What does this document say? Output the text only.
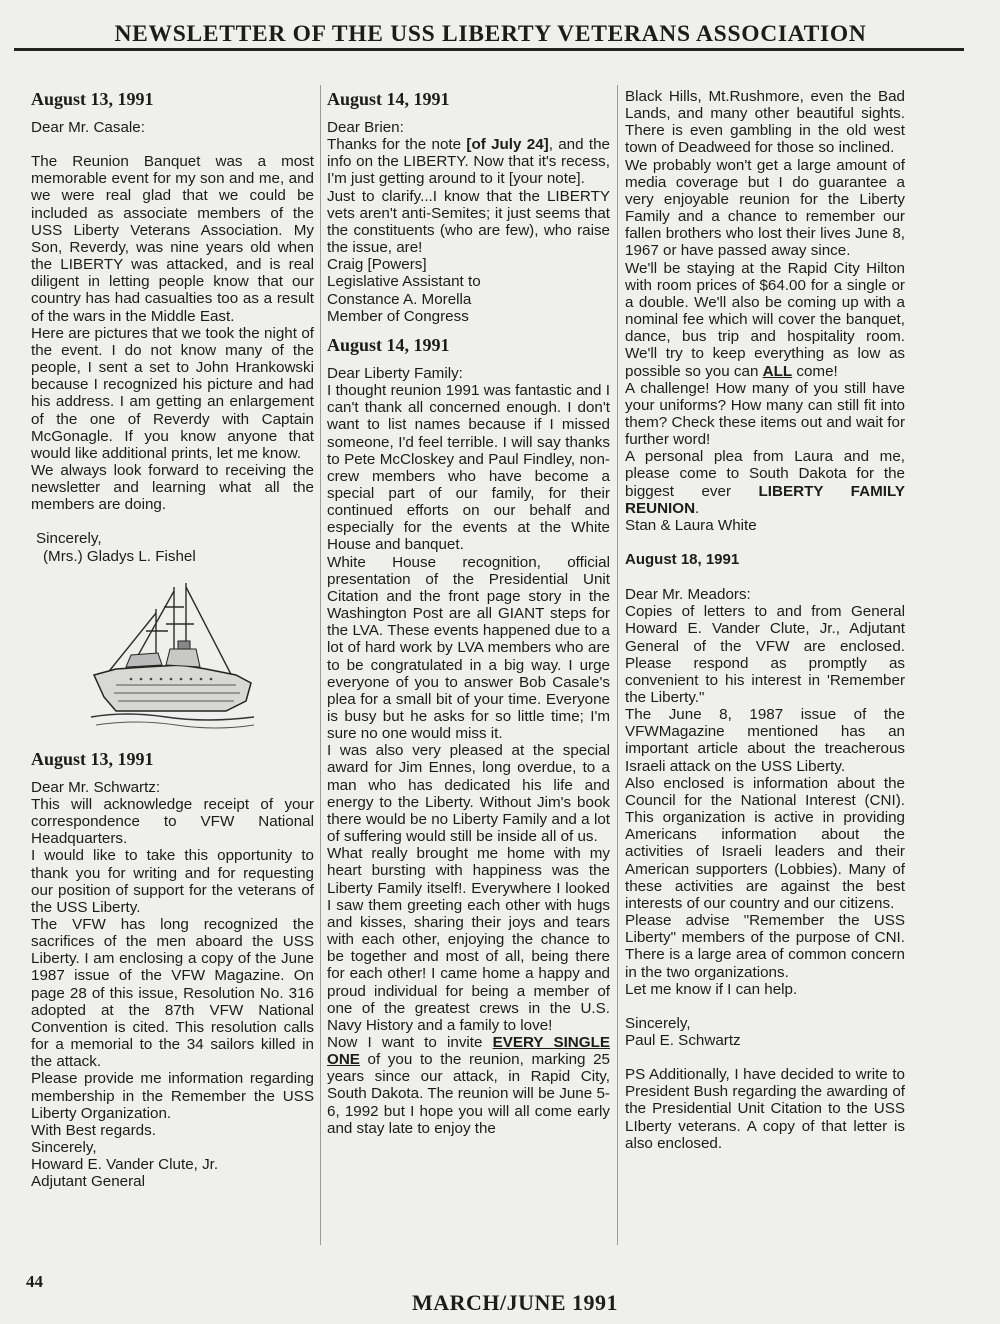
NEWSLETTER OF THE USS LIBERTY VETERANS ASSOCIATION

August 13, 1991

Dear Mr. Casale:

The Reunion Banquet was a most memorable event for my son and me, and we were real glad that we could be included as associate members of the USS Liberty Veterans Association. My Son, Reverdy, was nine years old when the LIBERTY was attacked, and is real diligent in letting people know that our country has had casualties too as a result of the wars in the Middle East.

Here are pictures that we took the night of the event. I do not know many of the people, I sent a set to John Hrankowski because I recognized his picture and had his address. I am getting an enlargement of the one of Reverdy with Captain McGonagle. If you know anyone that would like additional prints, let me know.

We always look forward to receiving the newsletter and learning what all the members are doing.

Sincerely,

(Mrs.) Gladys L. Fishel

August 13, 1991

Dear Mr. Schwartz:

This will acknowledge receipt of your correspondence to VFW National Headquarters.

I would like to take this opportunity to thank you for writing and for requesting our position of support for the veterans of the USS Liberty.

The VFW has long recognized the sacrifices of the men aboard the USS Liberty. I am enclosing a copy of the June 1987 issue of the VFW Magazine. On page 28 of this issue, Resolution No. 316 adopted at the 87th VFW National Convention is cited. This resolution calls for a memorial to the 34 sailors killed in the attack.

Please provide me information regarding membership in the Remember the USS Liberty Organization.

With Best regards.

Sincerely,

Howard E. Vander Clute, Jr.

Adjutant General

August 14, 1991

Dear Brien:

Thanks for the note [of July 24], and the info on the LIBERTY. Now that it's recess, I'm just getting around to it [your note].

Just to clarify...I know that the LIBERTY vets aren't anti-Semites; it just seems that the constituents (who are few), who raise the issue, are!

Craig [Powers]

Legislative Assistant to

Constance A. Morella

Member of Congress

August 14, 1991

Dear Liberty Family:

I thought reunion 1991 was fantastic and I can't thank all concerned enough. I don't want to list names because if I missed someone, I'd feel terrible. I will say thanks to Pete McCloskey and Paul Findley, non-crew members who have become a special part of our family, for their continued efforts on our behalf and especially for the events at the White House and banquet.

White House recognition, official presentation of the Presidential Unit Citation and the front page story in the Washington Post are all GIANT steps for the LVA. These events happened due to a lot of hard work by LVA members who are to be congratulated in a big way. I urge everyone of you to answer Bob Casale's plea for a small bit of your time. Everyone is busy but he asks for so little time; I'm sure no one would miss it.

I was also very pleased at the special award for Jim Ennes, long overdue, to a man who has dedicated his life and energy to the Liberty. Without Jim's book there would be no Liberty Family and a lot of suffering would still be inside all of us.

What really brought me home with my heart bursting with happiness was the Liberty Family itself!. Everywhere I looked I saw them greeting each other with hugs and kisses, sharing their joys and tears with each other, enjoying the chance to be together and most of all, being there for each other! I came home a happy and proud individual for being a member of one of the greatest crews in the U.S. Navy History and a family to love!

Now I want to invite EVERY SINGLE ONE of you to the reunion, marking 25 years since our attack, in Rapid City, South Dakota. The reunion will be June 5-6, 1992 but I hope you will all come early and stay late to enjoy the

Black Hills, Mt.Rushmore, even the Bad Lands, and many other beautiful sights. There is even gambling in the old west town of Deadweed for those so inclined.

We probably won't get a large amount of media coverage but I do guarantee a very enjoyable reunion for the Liberty Family and a chance to remember our fallen brothers who lost their lives June 8, 1967 or have passed away since.

We'll be staying at the Rapid City Hilton with room prices of $64.00 for a single or a double. We'll also be coming up with a nominal fee which will cover the banquet, dance, bus trip and hospitality room. We'll try to keep everything as low as possible so you can ALL come!

A challenge! How many of you still have your uniforms? How many can still fit into them? Check these items out and wait for further word!

A personal plea from Laura and me, please come to South Dakota for the biggest ever LIBERTY FAMILY REUNION.

Stan & Laura White

August 18, 1991

Dear Mr. Meadors:

Copies of letters to and from General Howard E. Vander Clute, Jr., Adjutant General of the VFW are enclosed. Please respond as promptly as convenient to his interest in 'Remember the Liberty."

The June 8, 1987 issue of the VFWMagazine mentioned has an important article about the treacherous Israeli attack on the USS Liberty.

Also enclosed is information about the Council for the National Interest (CNI). This organization is active in providing Americans information about the activities of Israeli leaders and their American supporters (Lobbies). Many of these activities are against the best interests of our country and our citizens.

Please advise "Remember the USS Liberty" members of the purpose of CNI. There is a large area of common concern in the two organizations.

Let me know if I can help.

Sincerely,

Paul E. Schwartz

PS Additionally, I have decided to write to President Bush regarding the awarding of the Presidential Unit Citation to the USS LIberty veterans. A copy of that letter is also enclosed.

44
MARCH/JUNE 1991
